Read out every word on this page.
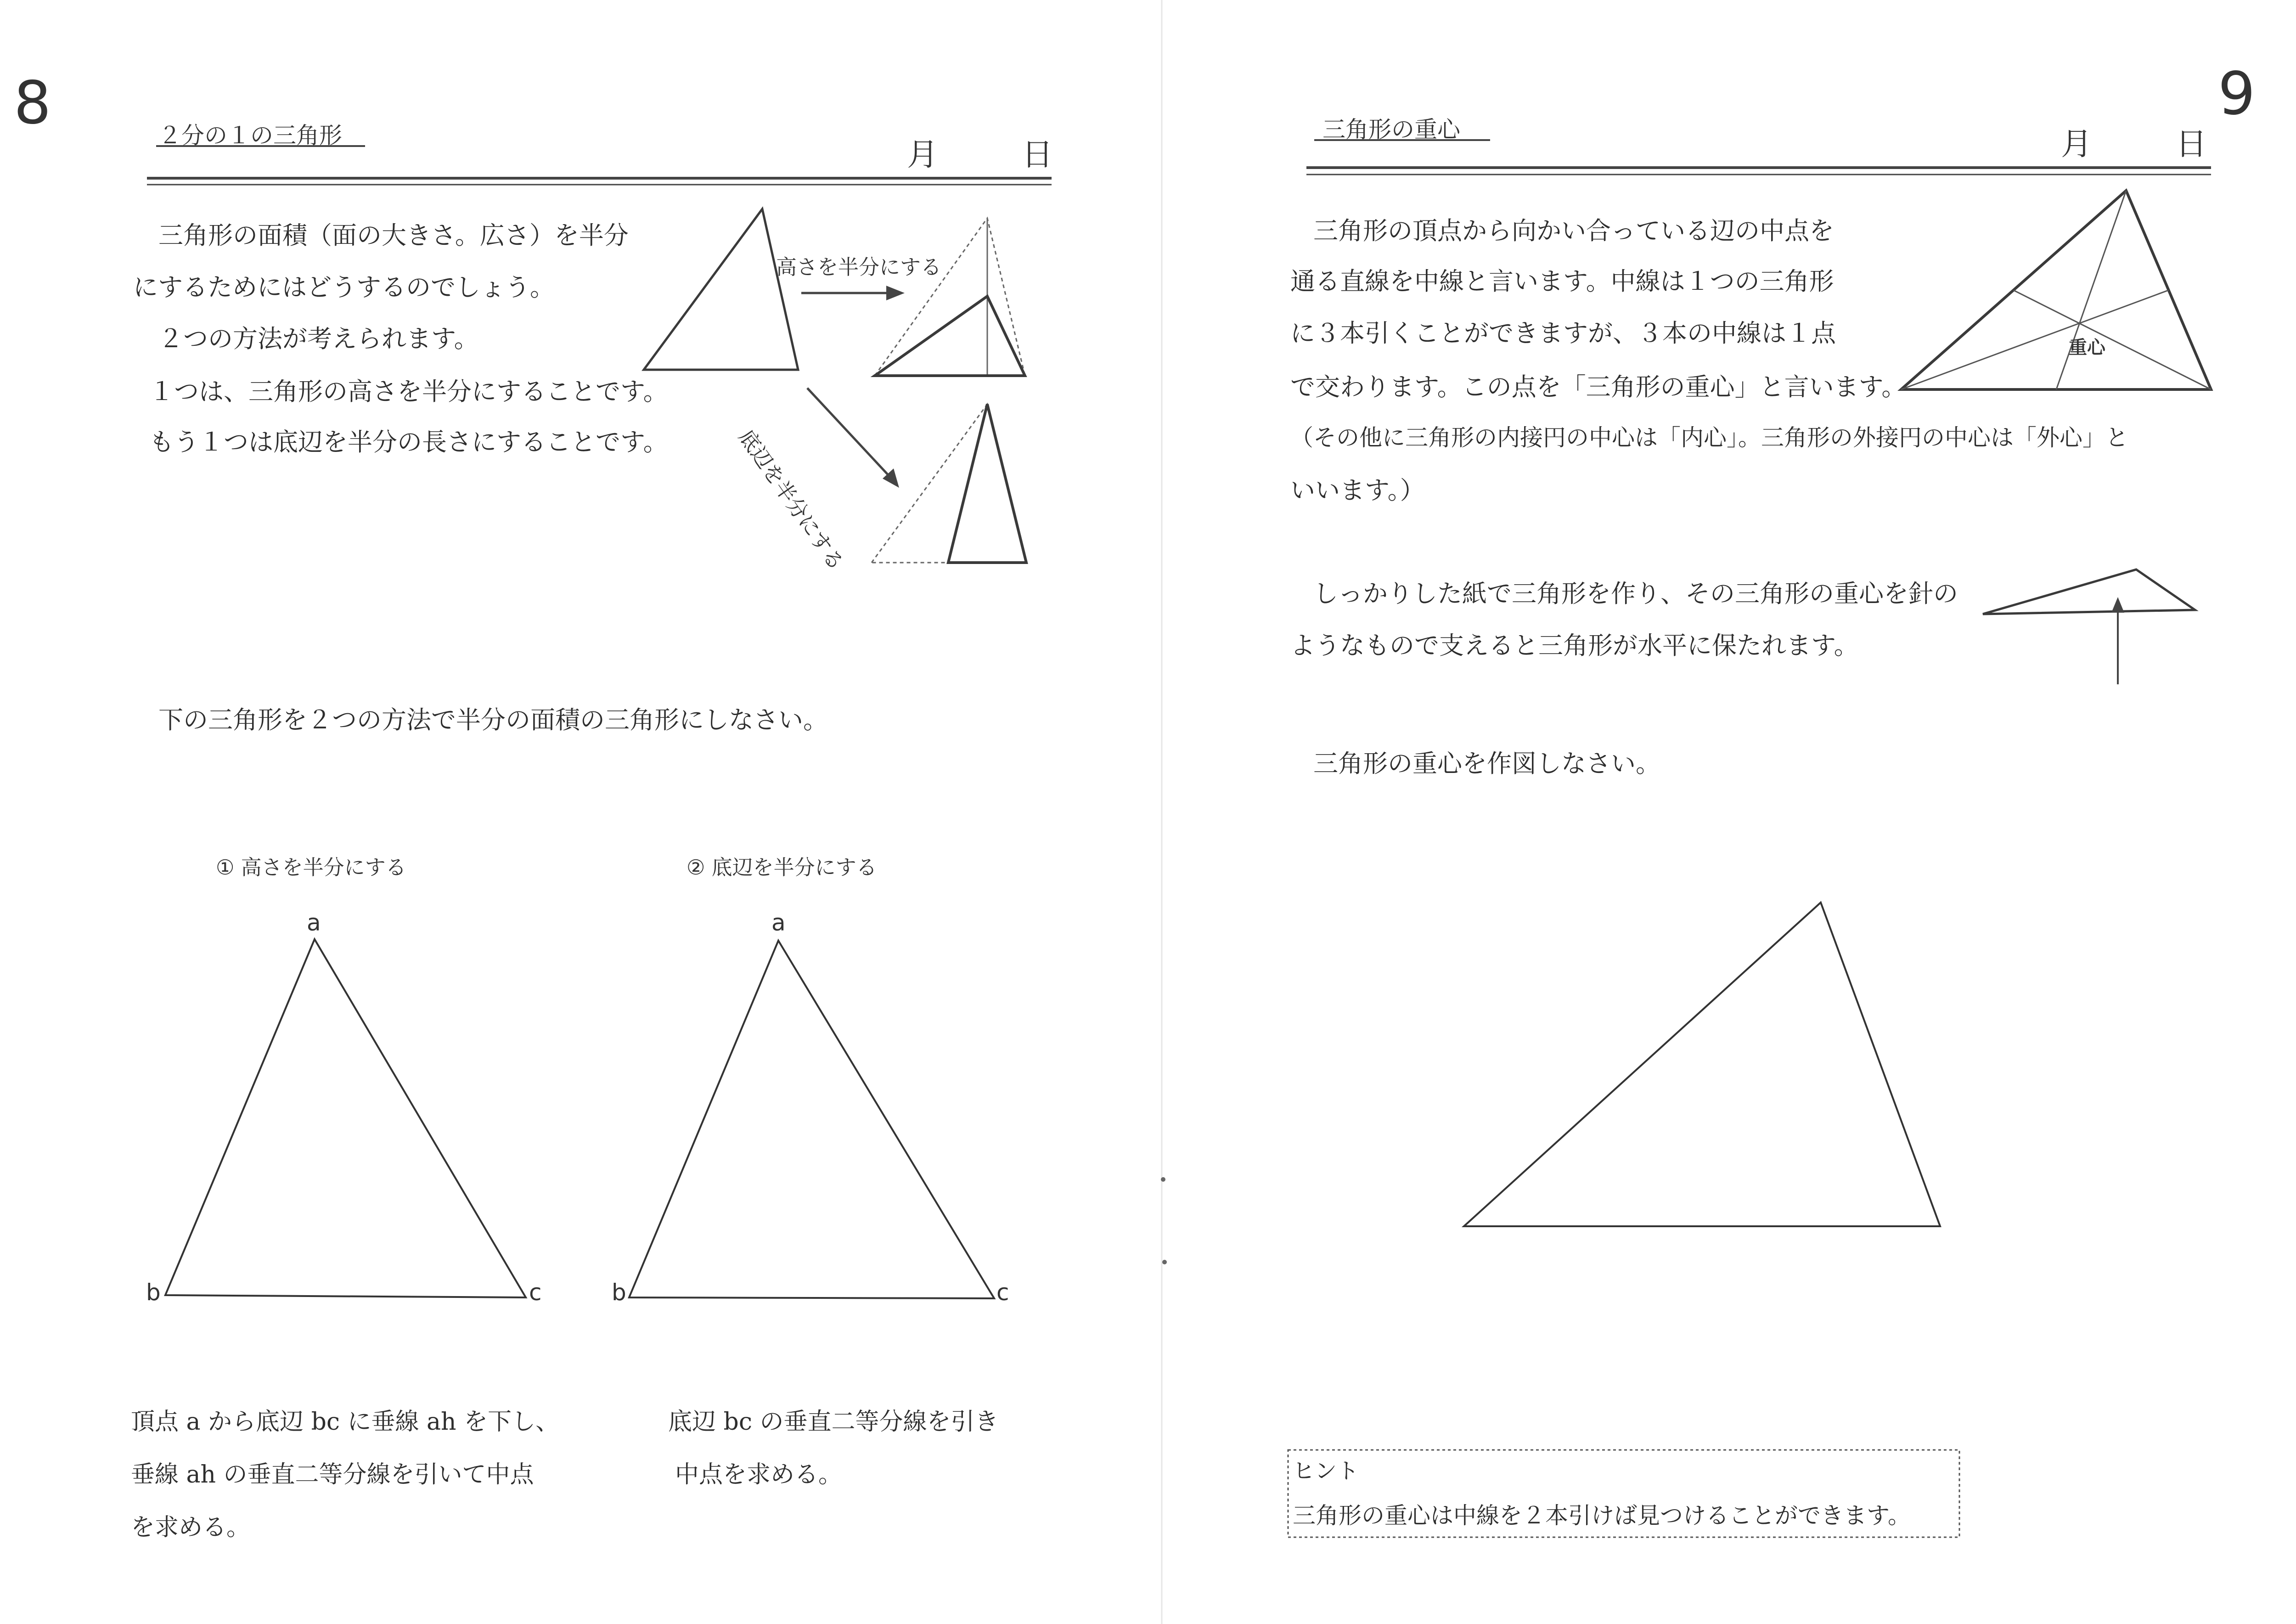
8	２分の１の三角形
月	日
三角形の面積（面の大きさ。広さ）を半分
にするためにはどうするのでしょう。
２つの方法が考えられます。
１つは、三角形の高さを半分にすることです。
もう１つは底辺を半分の長さにすることです。
高さを半分にする
底辺を半分にする
下の三角形を２つの方法で半分の面積の三角形にしなさい。
① 高さを半分にする	② 底辺を半分にする
a
b	c
a
b	c
頂点 a から底辺 bc に垂線 ah を下し、
垂線 ah の垂直二等分線を引いて中点
を求める。
底辺 bc の垂直二等分線を引き
中点を求める。
9
三角形の重心	月	日
三角形の頂点から向かい合っている辺の中点を
通る直線を中線と言います。中線は１つの三角形
に３本引くことができますが、３本の中線は１点
で交わります。この点を「三角形の重心」と言います。
（その他に三角形の内接円の中心は「内心」。三角形の外接円の中心は「外心」と
いいます。）
重心
しっかりした紙で三角形を作り、その三角形の重心を針の
ようなもので支えると三角形が水平に保たれます。
三角形の重心を作図しなさい。
ヒント
三角形の重心は中線を２本引けば見つけることができます。
